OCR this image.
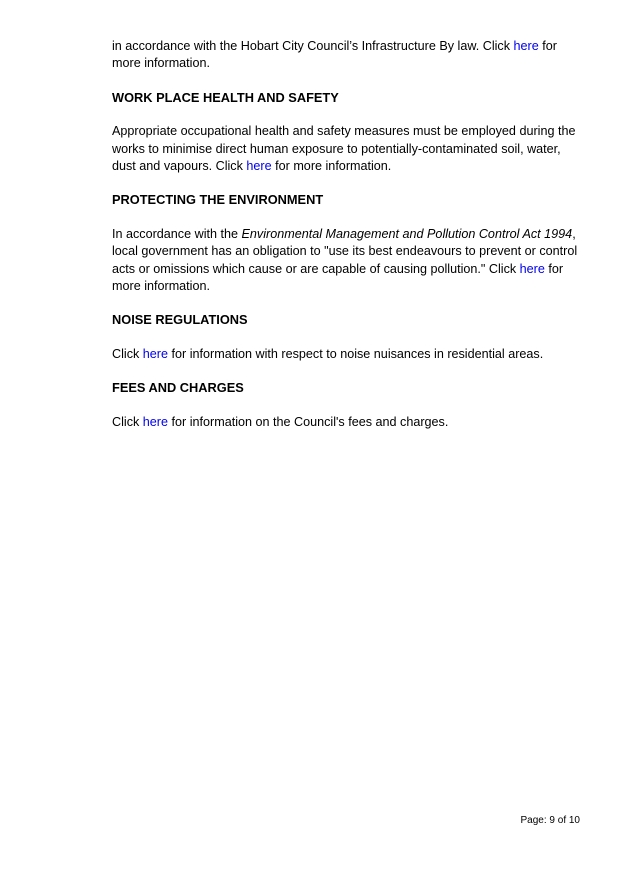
in accordance with the Hobart City Council’s Infrastructure By law. Click here for more information.

WORK PLACE HEALTH AND SAFETY

Appropriate occupational health and safety measures must be employed during the works to minimise direct human exposure to potentially-contaminated soil, water, dust and vapours. Click here for more information.

PROTECTING THE ENVIRONMENT

In accordance with the Environmental Management and Pollution Control Act 1994, local government has an obligation to "use its best endeavours to prevent or control acts or omissions which cause or are capable of causing pollution." Click here for more information.

NOISE REGULATIONS

Click here for information with respect to noise nuisances in residential areas.

FEES AND CHARGES

Click here for information on the Council's fees and charges.

Page: 9 of 10
